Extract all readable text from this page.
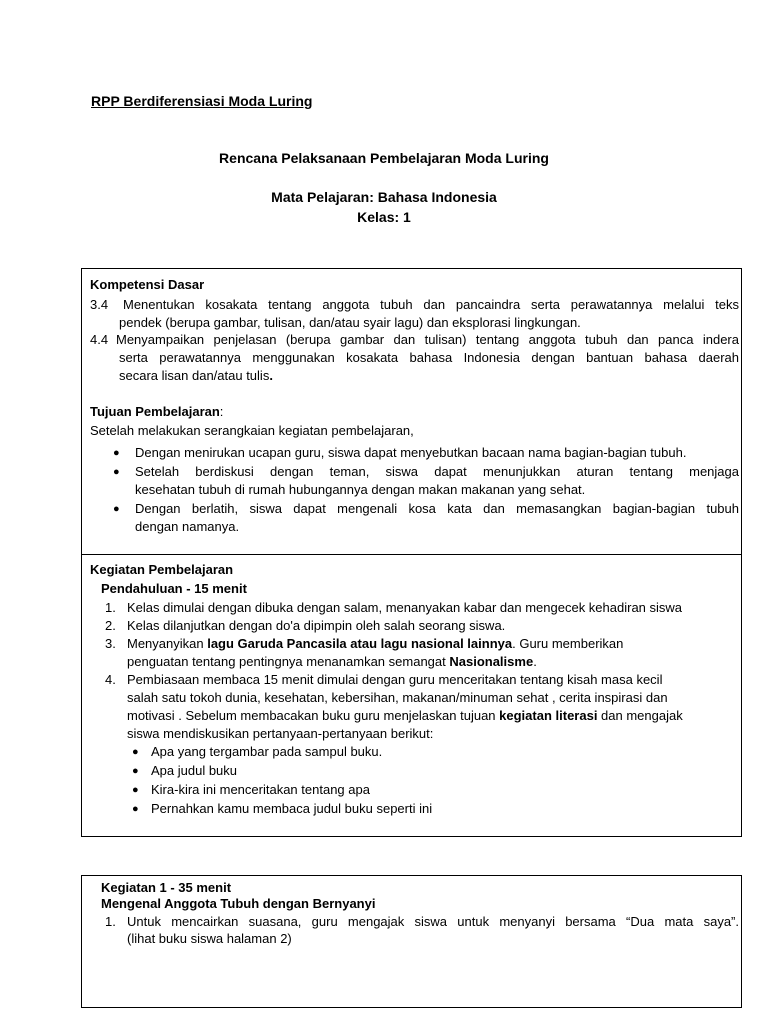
RPP Berdiferensiasi Moda Luring
Rencana Pelaksanaan Pembelajaran Moda Luring
Mata Pelajaran: Bahasa Indonesia
Kelas: 1
Kompetensi Dasar
3.4 Menentukan kosakata tentang anggota tubuh dan pancaindra serta perawatannya melalui teks
pendek (berupa gambar, tulisan, dan/atau syair lagu) dan eksplorasi lingkungan.
4.4 Menyampaikan penjelasan (berupa gambar dan tulisan) tentang anggota tubuh dan panca indera
serta perawatannya menggunakan kosakata bahasa Indonesia dengan bantuan bahasa daerah
secara lisan dan/atau tulis.
Tujuan Pembelajaran:
Setelah melakukan serangkaian kegiatan pembelajaran,
● Dengan menirukan ucapan guru, siswa dapat menyebutkan bacaan nama bagian-bagian tubuh.
● Setelah berdiskusi dengan teman, siswa dapat menunjukkan aturan tentang menjaga
kesehatan tubuh di rumah hubungannya dengan makan makanan yang sehat.
● Dengan berlatih, siswa dapat mengenali kosa kata dan memasangkan bagian-bagian tubuh
dengan namanya.
Kegiatan Pembelajaran
Pendahuluan - 15 menit
1. Kelas dimulai dengan dibuka dengan salam, menanyakan kabar dan mengecek kehadiran siswa
2. Kelas dilanjutkan dengan do'a dipimpin oleh salah seorang siswa.
3. Menyanyikan lagu Garuda Pancasila atau lagu nasional lainnya. Guru memberikan
penguatan tentang pentingnya menanamkan semangat Nasionalisme.
4. Pembiasaan membaca 15 menit dimulai dengan guru menceritakan tentang kisah masa kecil
salah satu tokoh dunia, kesehatan, kebersihan, makanan/minuman sehat , cerita inspirasi dan
motivasi . Sebelum membacakan buku guru menjelaskan tujuan kegiatan literasi dan mengajak
siswa mendiskusikan pertanyaan-pertanyaan berikut:
● Apa yang tergambar pada sampul buku.
● Apa judul buku
● Kira-kira ini menceritakan tentang apa
● Pernahkan kamu membaca judul buku seperti ini
Kegiatan 1 - 35 menit
Mengenal Anggota Tubuh dengan Bernyanyi
1. Untuk mencairkan suasana, guru mengajak siswa untuk menyanyi bersama “Dua mata saya”.
(lihat buku siswa halaman 2)
